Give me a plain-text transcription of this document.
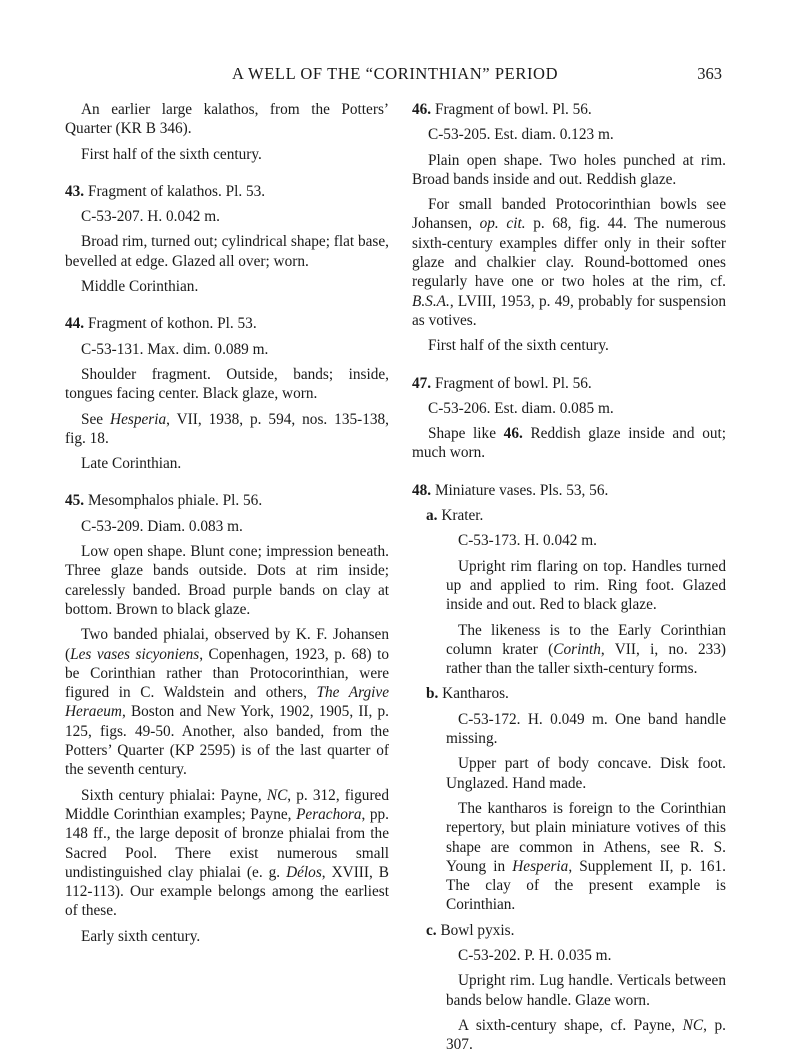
A WELL OF THE “CORINTHIAN” PERIOD	363

An earlier large kalathos, from the Potters’ Quarter (KR B 346).

First half of the sixth century.

43. Fragment of kalathos. Pl. 53.

C-53-207. H. 0.042 m.

Broad rim, turned out; cylindrical shape; flat base, bevelled at edge. Glazed all over; worn.

Middle Corinthian.

44. Fragment of kothon. Pl. 53.

C-53-131. Max. dim. 0.089 m.

Shoulder fragment. Outside, bands; inside, tongues facing center. Black glaze, worn.

See Hesperia, VII, 1938, p. 594, nos. 135-138, fig. 18.

Late Corinthian.

45. Mesomphalos phiale. Pl. 56.

C-53-209. Diam. 0.083 m.

Low open shape. Blunt cone; impression beneath. Three glaze bands outside. Dots at rim inside; carelessly banded. Broad purple bands on clay at bottom. Brown to black glaze.

Two banded phialai, observed by K. F. Johansen (Les vases sicyoniens, Copenhagen, 1923, p. 68) to be Corinthian rather than Protocorinthian, were figured in C. Waldstein and others, The Argive Heraeum, Boston and New York, 1902, 1905, II, p. 125, figs. 49-50. Another, also banded, from the Potters’ Quarter (KP 2595) is of the last quarter of the seventh century.

Sixth century phialai: Payne, NC, p. 312, figured Middle Corinthian examples; Payne, Perachora, pp. 148 ff., the large deposit of bronze phialai from the Sacred Pool. There exist numerous small undistinguished clay phialai (e. g. Délos, XVIII, B 112-113). Our example belongs among the earliest of these.

Early sixth century.

46. Fragment of bowl. Pl. 56.

C-53-205. Est. diam. 0.123 m.

Plain open shape. Two holes punched at rim. Broad bands inside and out. Reddish glaze.

For small banded Protocorinthian bowls see Johansen, op. cit. p. 68, fig. 44. The numerous sixth-century examples differ only in their softer glaze and chalkier clay. Round-bottomed ones regularly have one or two holes at the rim, cf. B.S.A., LVIII, 1953, p. 49, probably for suspension as votives.

First half of the sixth century.

47. Fragment of bowl. Pl. 56.

C-53-206. Est. diam. 0.085 m.

Shape like 46. Reddish glaze inside and out; much worn.

48. Miniature vases. Pls. 53, 56.

a. Krater.

C-53-173. H. 0.042 m.

Upright rim flaring on top. Handles turned up and applied to rim. Ring foot. Glazed inside and out. Red to black glaze.

The likeness is to the Early Corinthian column krater (Corinth, VII, i, no. 233) rather than the taller sixth-century forms.

b. Kantharos.

C-53-172. H. 0.049 m. One band handle missing.

Upper part of body concave. Disk foot. Unglazed. Hand made.

The kantharos is foreign to the Corinthian repertory, but plain miniature votives of this shape are common in Athens, see R. S. Young in Hesperia, Supplement II, p. 161. The clay of the present example is Corinthian.

c. Bowl pyxis.

C-53-202. P. H. 0.035 m.

Upright rim. Lug handle. Verticals between bands below handle. Glaze worn.

A sixth-century shape, cf. Payne, NC, p. 307.
